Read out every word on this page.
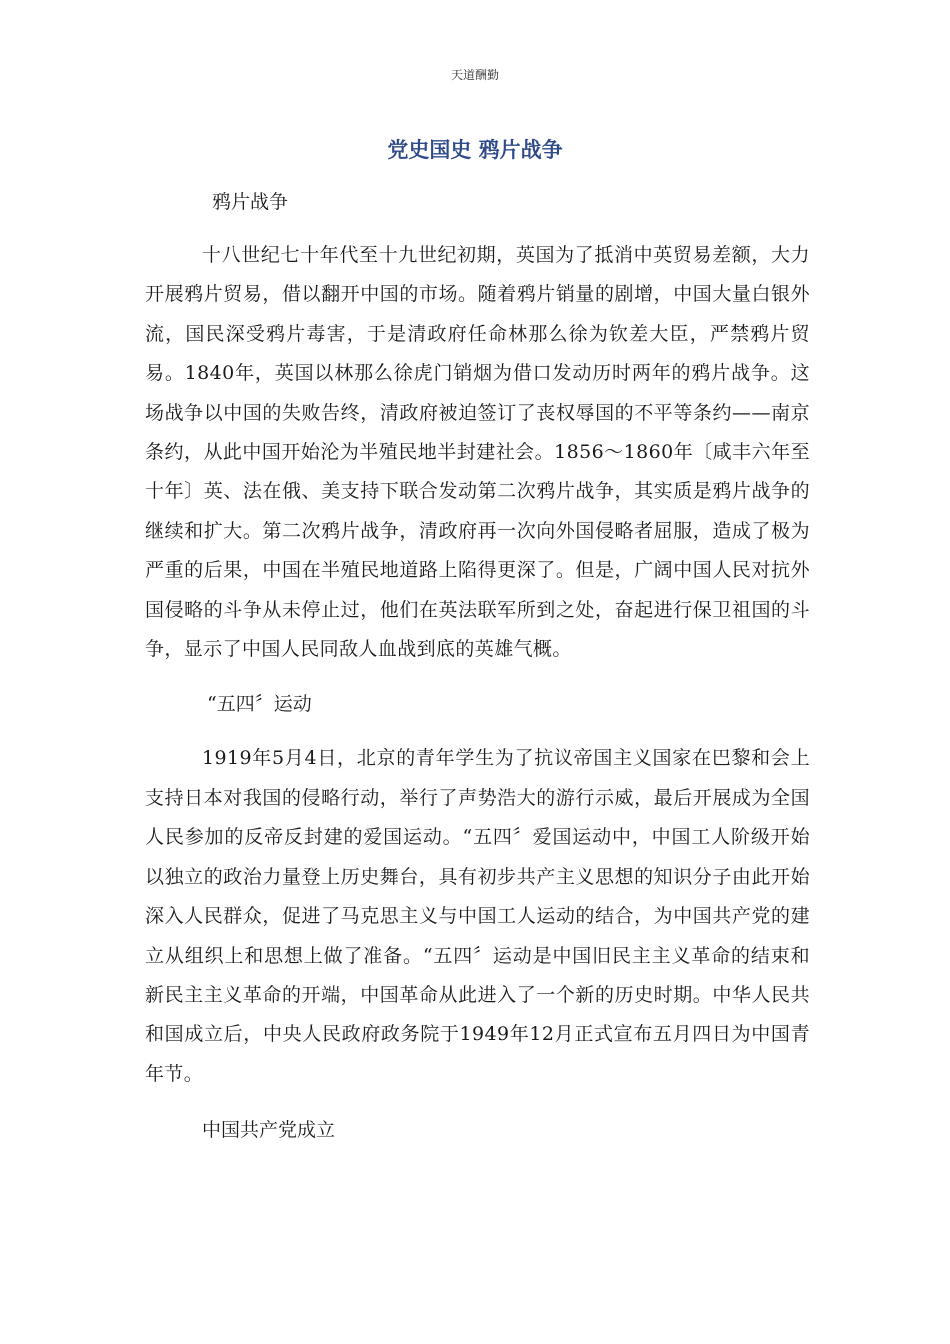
天道酬勤
党史国史 鸦片战争

鸦片战争

十八世纪七十年代至十九世纪初期，英国为了抵消中英贸易差额，大力开展鸦片贸易，借以翻开中国的市场。随着鸦片销量的剧增，中国大量白银外流，国民深受鸦片毒害，于是清政府任命林那么徐为钦差大臣，严禁鸦片贸易。1840年，英国以林那么徐虎门销烟为借口发动历时两年的鸦片战争。这场战争以中国的失败告终，清政府被迫签订了丧权辱国的不平等条约——南京条约，从此中国开始沦为半殖民地半封建社会。1856～1860年〔咸丰六年至十年〕英、法在俄、美支持下联合发动第二次鸦片战争，其实质是鸦片战争的继续和扩大。第二次鸦片战争，清政府再一次向外国侵略者屈服，造成了极为严重的后果，中国在半殖民地道路上陷得更深了。但是，广阔中国人民对抗外国侵略的斗争从未停止过，他们在英法联军所到之处，奋起进行保卫祖国的斗争，显示了中国人民同敌人血战到底的英雄气概。

“五四〞运动

1919年5月4日，北京的青年学生为了抗议帝国主义国家在巴黎和会上支持日本对我国的侵略行动，举行了声势浩大的游行示威，最后开展成为全国人民参加的反帝反封建的爱国运动。“五四〞爱国运动中，中国工人阶级开始以独立的政治力量登上历史舞台，具有初步共产主义思想的知识分子由此开始深入人民群众，促进了马克思主义与中国工人运动的结合，为中国共产党的建立从组织上和思想上做了准备。“五四〞运动是中国旧民主主义革命的结束和新民主主义革命的开端，中国革命从此进入了一个新的历史时期。中华人民共和国成立后，中央人民政府政务院于1949年12月正式宣布五月四日为中国青年节。

中国共产党成立
